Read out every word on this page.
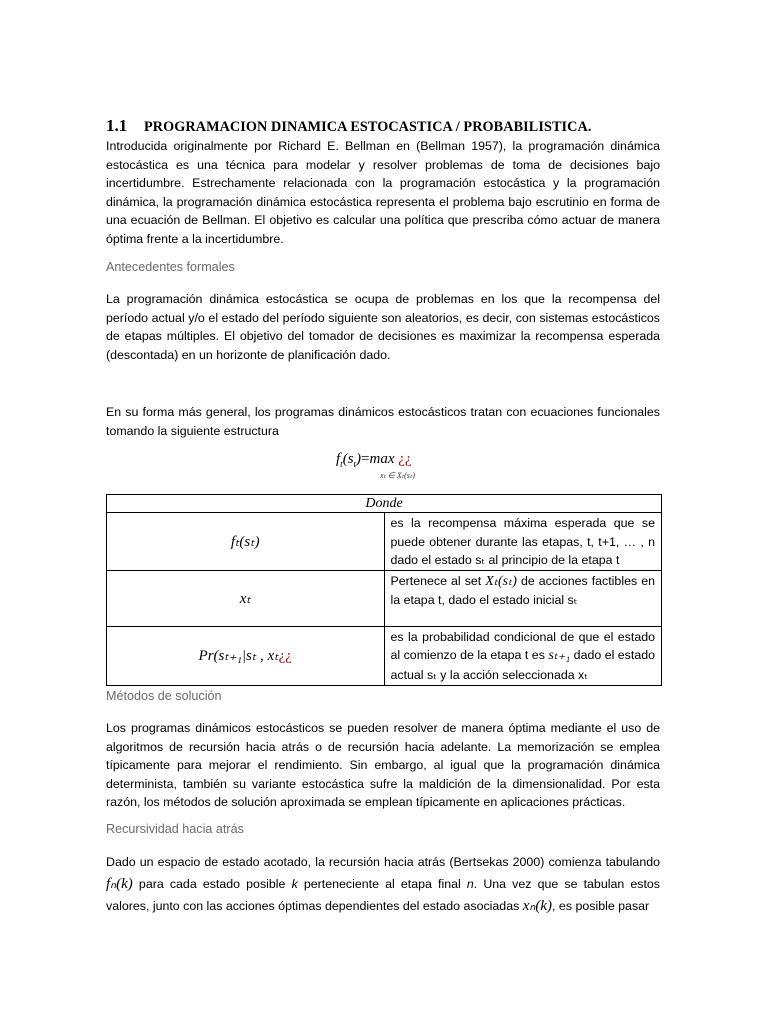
1.1 PROGRAMACION DINAMICA ESTOCASTICA / PROBABILISTICA.
Introducida originalmente por Richard E. Bellman en (Bellman 1957), la programación dinámica estocástica es una técnica para modelar y resolver problemas de toma de decisiones bajo incertidumbre. Estrechamente relacionada con la programación estocástica y la programación dinámica, la programación dinámica estocástica representa el problema bajo escrutinio en forma de una ecuación de Bellman. El objetivo es calcular una política que prescriba cómo actuar de manera óptima frente a la incertidumbre.
Antecedentes formales
La programación dinámica estocástica se ocupa de problemas en los que la recompensa del período actual y/o el estado del período siguiente son aleatorios, es decir, con sistemas estocásticos de etapas múltiples. El objetivo del tomador de decisiones es maximizar la recompensa esperada (descontada) en un horizonte de planificación dado.
En su forma más general, los programas dinámicos estocásticos tratan con ecuaciones funcionales tomando la siguiente estructura
$f_t(s_t)=\max$ ¿¿
xₜ ∈ Xₜ(sₜ)
Donde	
fₜ(sₜ)	es la recompensa máxima esperada que se puede obtener durante las etapas, t, t+1, … , n dado el estado sₜ al principio de la etapa t
xₜ	Pertenece al set Xₜ(sₜ) de acciones factibles en la etapa t, dado el estado inicial sₜ
Pr(sₜ₊₁|sₜ , xₜ¿¿	es la probabilidad condicional de que el estado al comienzo de la etapa t es sₜ₊₁ dado el estado actual sₜ y la acción seleccionada xₜ
Métodos de solución
Los programas dinámicos estocásticos se pueden resolver de manera óptima mediante el uso de algoritmos de recursión hacia atrás o de recursión hacia adelante. La memorización se emplea típicamente para mejorar el rendimiento. Sin embargo, al igual que la programación dinámica determinista, también su variante estocástica sufre la maldición de la dimensionalidad. Por esta razón, los métodos de solución aproximada se emplean típicamente en aplicaciones prácticas.
Recursividad hacia atrás
Dado un espacio de estado acotado, la recursión hacia atrás (Bertsekas 2000) comienza tabulando fₙ(k) para cada estado posible k perteneciente al etapa final n. Una vez que se tabulan estos valores, junto con las acciones óptimas dependientes del estado asociadas xₙ(k), es posible pasar
